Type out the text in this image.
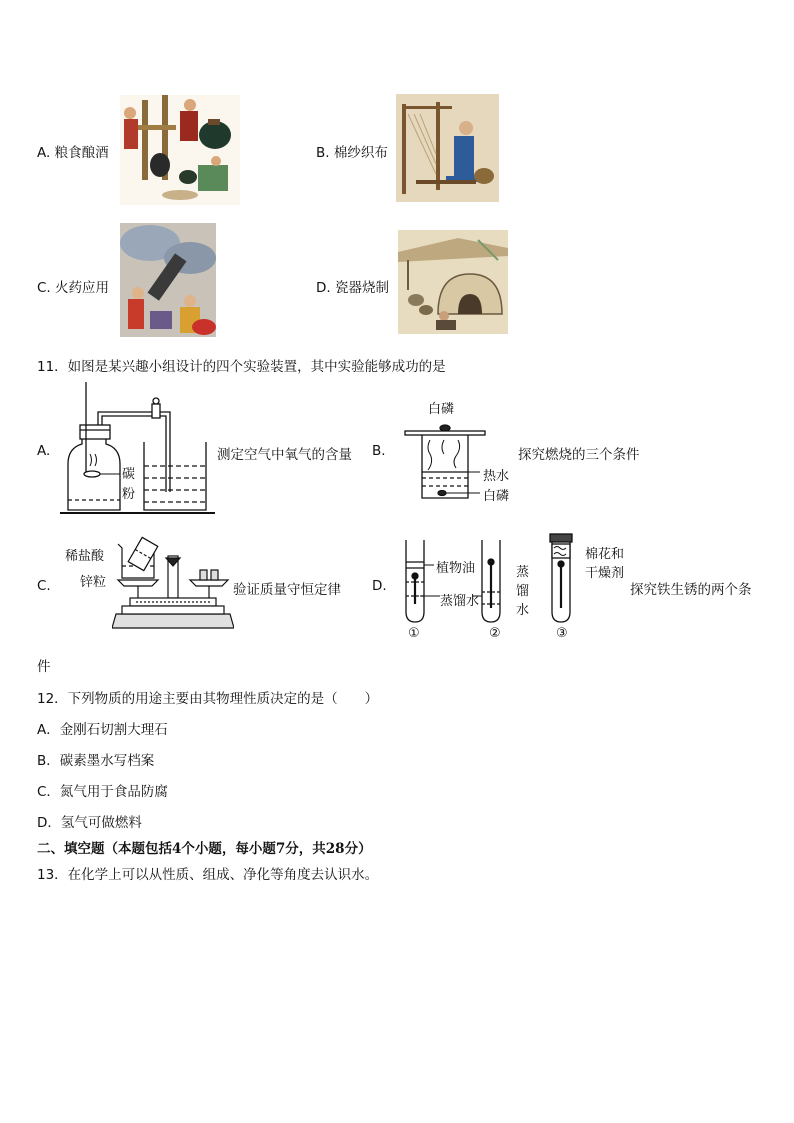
A. 粮食酿酒	B. 棉纱织布
C. 火药应用	D. 瓷器烧制
11．如图是某兴趣小组设计的四个实验装置，其中实验能够成功的是
A.
碳
粉
测定空气中氧气的含量 B.
白磷
热水
白磷
探究燃烧的三个条件
C.
稀盐酸
锌粒	验证质量守恒定律 D.
植物油
蒸馏水
蒸
馏
水
棉花和
干燥剂
①	②	③
探究铁生锈的两个条
件
12．下列物质的用途主要由其物理性质决定的是（　　）
A．金刚石切割大理石
B．碳素墨水写档案
C．氮气用于食品防腐
D．氢气可做燃料
二、填空题（本题包括4个小题，每小题7分，共28分）
13．在化学上可以从性质、组成、净化等角度去认识水。
